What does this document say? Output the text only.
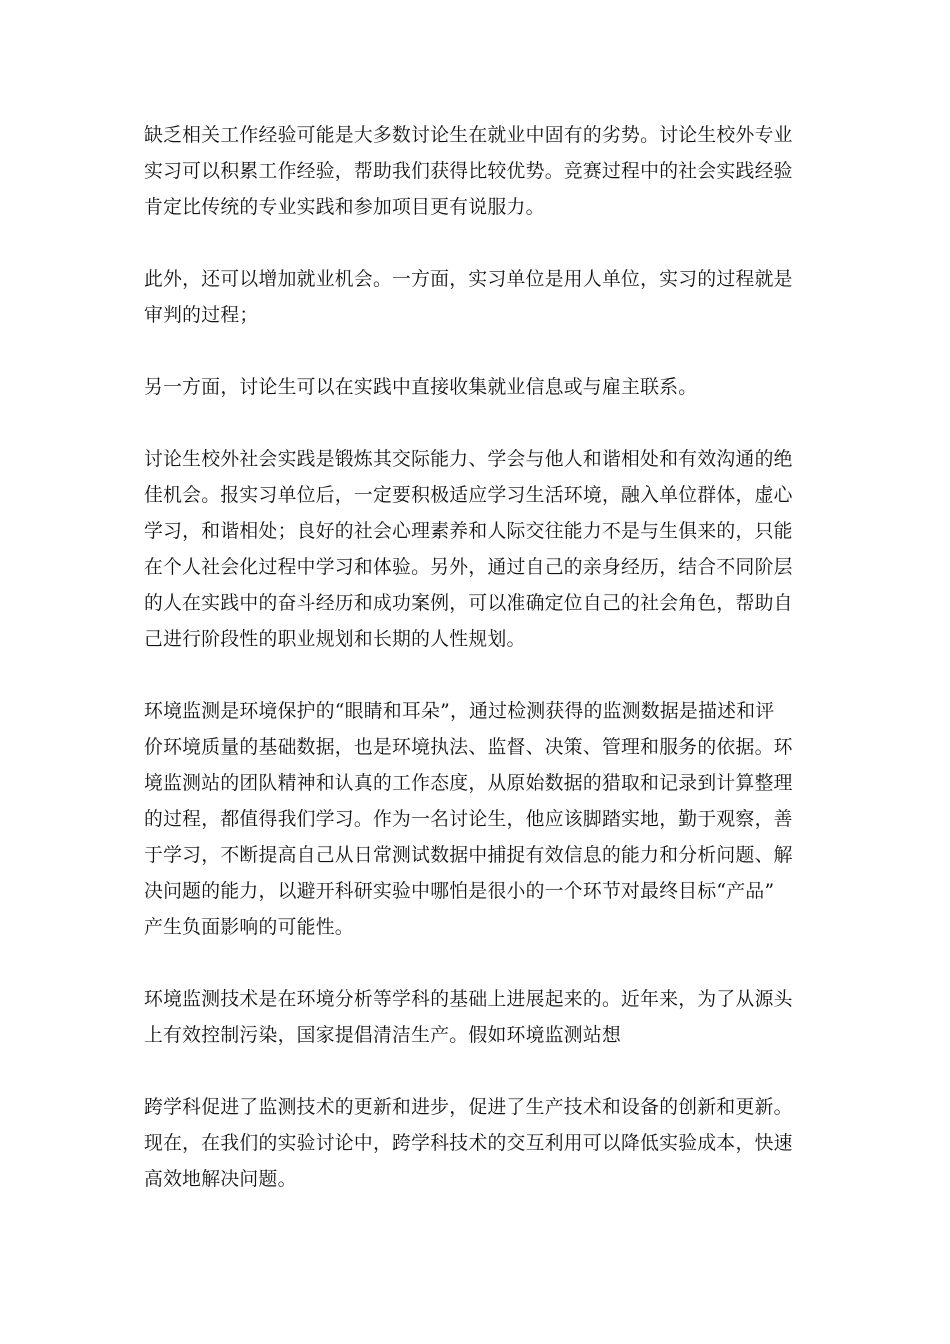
缺乏相关工作经验可能是大多数讨论生在就业中固有的劣势。讨论生校外专业
实习可以积累工作经验，帮助我们获得比较优势。竞赛过程中的社会实践经验
肯定比传统的专业实践和参加项目更有说服力。

此外，还可以增加就业机会。一方面，实习单位是用人单位，实习的过程就是
审判的过程；

另一方面，讨论生可以在实践中直接收集就业信息或与雇主联系。

讨论生校外社会实践是锻炼其交际能力、学会与他人和谐相处和有效沟通的绝
佳机会。报实习单位后，一定要积极适应学习生活环境，融入单位群体，虚心
学习，和谐相处；良好的社会心理素养和人际交往能力不是与生俱来的，只能
在个人社会化过程中学习和体验。另外，通过自己的亲身经历，结合不同阶层
的人在实践中的奋斗经历和成功案例，可以准确定位自己的社会角色，帮助自
己进行阶段性的职业规划和长期的人性规划。

环境监测是环境保护的“眼睛和耳朵”，通过检测获得的监测数据是描述和评
价环境质量的基础数据，也是环境执法、监督、决策、管理和服务的依据。环
境监测站的团队精神和认真的工作态度，从原始数据的猎取和记录到计算整理
的过程，都值得我们学习。作为一名讨论生，他应该脚踏实地，勤于观察，善
于学习，不断提高自己从日常测试数据中捕捉有效信息的能力和分析问题、解
决问题的能力，以避开科研实验中哪怕是很小的一个环节对最终目标“产品”
产生负面影响的可能性。

环境监测技术是在环境分析等学科的基础上进展起来的。近年来，为了从源头
上有效控制污染，国家提倡清洁生产。假如环境监测站想

跨学科促进了监测技术的更新和进步，促进了生产技术和设备的创新和更新。
现在，在我们的实验讨论中，跨学科技术的交互利用可以降低实验成本，快速
高效地解决问题。
